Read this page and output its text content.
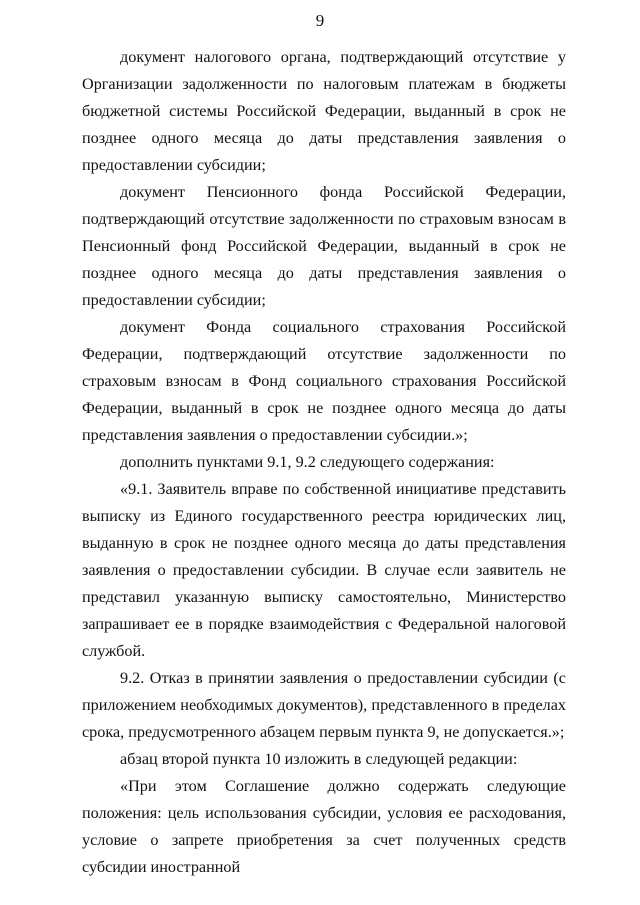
9

документ налогового органа, подтверждающий отсутствие у Организации задолженности по налоговым платежам в бюджеты бюджетной системы Российской Федерации, выданный в срок не позднее одного месяца до даты представления заявления о предоставлении субсидии;

документ Пенсионного фонда Российской Федерации, подтверждающий отсутствие задолженности по страховым взносам в Пенсионный фонд Российской Федерации, выданный в срок не позднее одного месяца до даты представления заявления о предоставлении субсидии;

документ Фонда социального страхования Российской Федерации, подтверждающий отсутствие задолженности по страховым взносам в Фонд социального страхования Российской Федерации, выданный в срок не позднее одного месяца до даты представления заявления о предоставлении субсидии.»;

дополнить пунктами 9.1, 9.2 следующего содержания:

«9.1. Заявитель вправе по собственной инициативе представить выписку из Единого государственного реестра юридических лиц, выданную в срок не позднее одного месяца до даты представления заявления о предоставлении субсидии. В случае если заявитель не представил указанную выписку самостоятельно, Министерство запрашивает ее в порядке взаимодействия с Федеральной налоговой службой.

9.2. Отказ в принятии заявления о предоставлении субсидии (с приложением необходимых документов), представленного в пределах срока, предусмотренного абзацем первым пункта 9, не допускается.»;

абзац второй пункта 10 изложить в следующей редакции:

«При этом Соглашение должно содержать следующие положения: цель использования субсидии, условия ее расходования, условие о запрете приобретения за счет полученных средств субсидии иностранной
